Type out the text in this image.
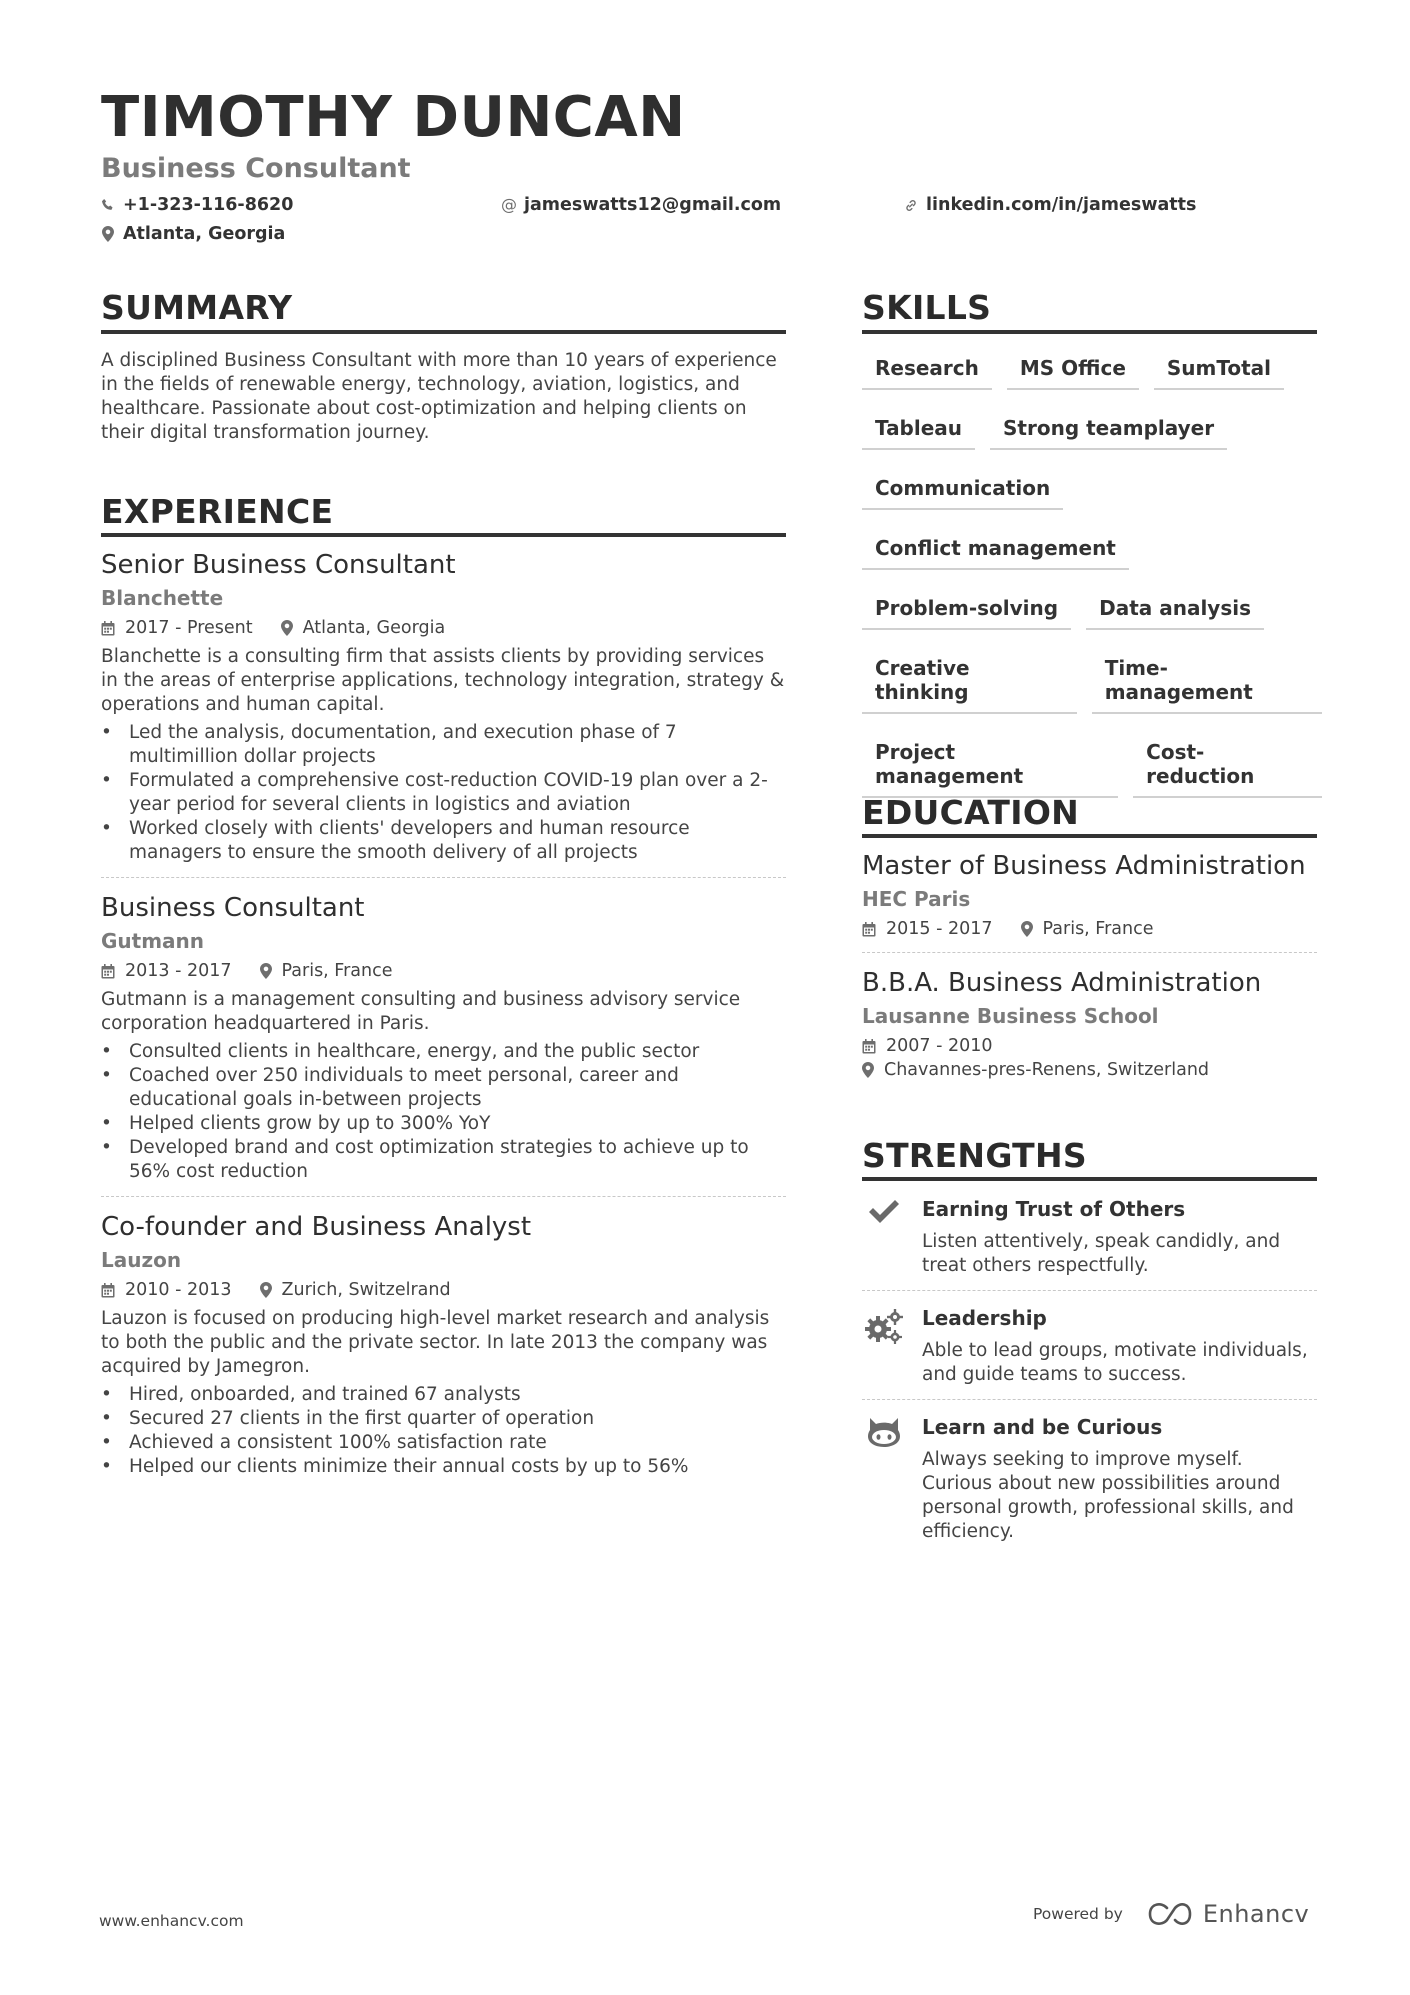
TIMOTHY DUNCAN
Business Consultant
+1-323-116-8620	@ jameswatts12@gmail.com	linkedin.com/in/jameswatts
Atlanta, Georgia
SUMMARY
A disciplined Business Consultant with more than 10 years of experience in the fields of renewable energy, technology, aviation, logistics, and healthcare. Passionate about cost-optimization and helping clients on their digital transformation journey.
EXPERIENCE
Senior Business Consultant
Blanchette
2017 - Present	Atlanta, Georgia
Blanchette is a consulting firm that assists clients by providing services in the areas of enterprise applications, technology integration, strategy & operations and human capital.
• Led the analysis, documentation, and execution phase of 7 multimillion dollar projects
• Formulated a comprehensive cost-reduction COVID-19 plan over a 2-year period for several clients in logistics and aviation
• Worked closely with clients' developers and human resource managers to ensure the smooth delivery of all projects
Business Consultant
Gutmann
2013 - 2017	Paris, France
Gutmann is a management consulting and business advisory service corporation headquartered in Paris.
• Consulted clients in healthcare, energy, and the public sector
• Coached over 250 individuals to meet personal, career and educational goals in-between projects
• Helped clients grow by up to 300% YoY
• Developed brand and cost optimization strategies to achieve up to 56% cost reduction
Co-founder and Business Analyst
Lauzon
2010 - 2013	Zurich, Switzelrand
Lauzon is focused on producing high-level market research and analysis to both the public and the private sector. In late 2013 the company was acquired by Jamegron.
• Hired, onboarded, and trained 67 analysts
• Secured 27 clients in the first quarter of operation
• Achieved a consistent 100% satisfaction rate
• Helped our clients minimize their annual costs by up to 56%
SKILLS
Research	MS Office	SumTotal
Tableau	Strong teamplayer
Communication
Conflict management
Problem-solving	Data analysis
Creative thinking
Time-management
Project management
Cost-reduction
EDUCATION
Master of Business Administration
HEC Paris
2015 - 2017	Paris, France
B.B.A. Business Administration
Lausanne Business School
2007 - 2010
Chavannes-pres-Renens, Switzerland
STRENGTHS
Earning Trust of Others
Listen attentively, speak candidly, and treat others respectfully.
Leadership
Able to lead groups, motivate individuals, and guide teams to success.
Learn and be Curious
Always seeking to improve myself. Curious about new possibilities around personal growth, professional skills, and efficiency.
www.enhancv.com	Powered by	Enhancv
